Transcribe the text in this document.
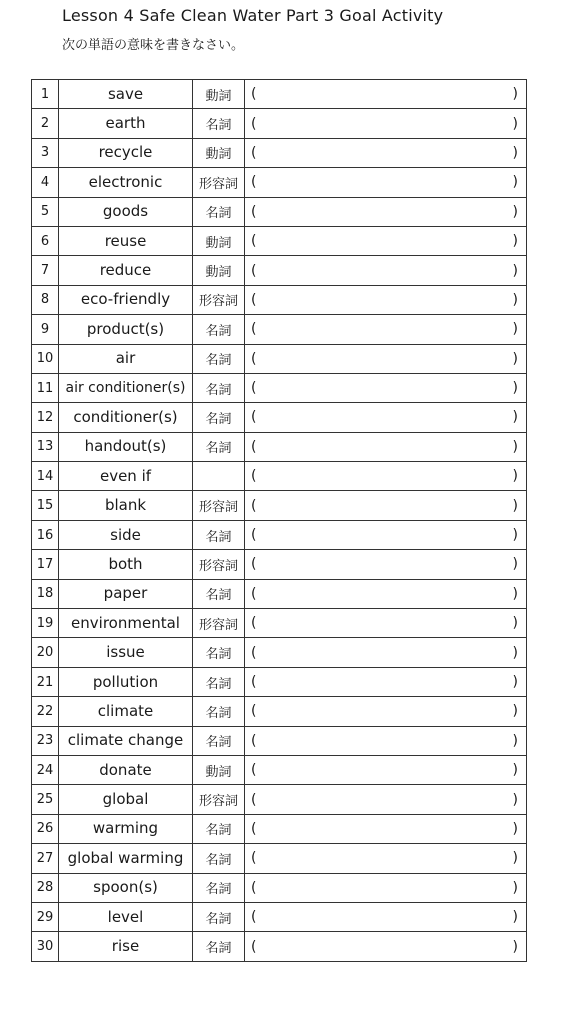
Lesson 4 Safe Clean Water Part 3 Goal Activity
次の単語の意味を書きなさい。
1	save	動詞	( )

2	earth	名詞	( )

3	recycle	動詞	( )

4	electronic	形容詞	( )

5	goods	名詞	( )

6	reuse	動詞	( )

7	reduce	動詞	( )

8	eco-friendly	形容詞	( )

9	product(s)	名詞	( )

10	air	名詞	( )

11	air conditioner(s)	名詞	( )

12	conditioner(s)	名詞	( )

13	handout(s)	名詞	( )

14	even if		( )

15	blank	形容詞	( )

16	side	名詞	( )

17	both	形容詞	( )

18	paper	名詞	( )

19	environmental	形容詞	( )

20	issue	名詞	( )

21	pollution	名詞	( )

22	climate	名詞	( )

23	climate change	名詞	( )

24	donate	動詞	( )

25	global	形容詞	( )

26	warming	名詞	( )

27	global warming	名詞	( )

28	spoon(s)	名詞	( )

29	level	名詞	( )

30	rise	名詞	( )
